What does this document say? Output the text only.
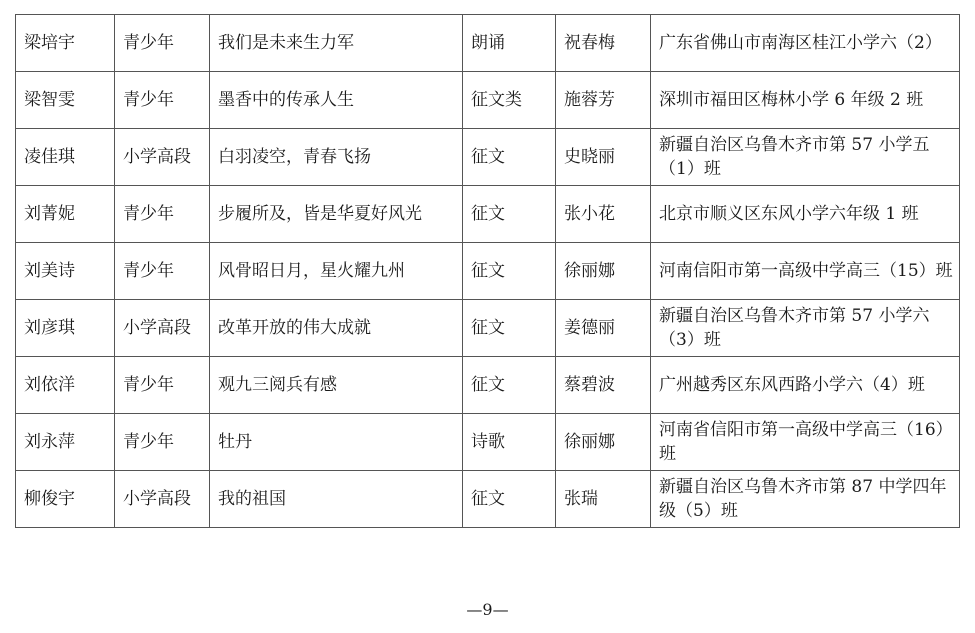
梁培宇	青少年	我们是未来生力军	朗诵	祝春梅	广东省佛山市南海区桂江小学六（2）
梁智雯	青少年	墨香中的传承人生	征文类	施蓉芳	深圳市福田区梅林小学 6 年级 2 班
凌佳琪	小学高段	白羽凌空，青春飞扬	征文	史晓丽	新疆自治区乌鲁木齐市第 57 小学五（1）班
刘菁妮	青少年	步履所及，皆是华夏好风光	征文	张小花	北京市顺义区东风小学六年级 1 班
刘美诗	青少年	风骨昭日月，星火耀九州	征文	徐丽娜	河南信阳市第一高级中学高三（15）班
刘彦琪	小学高段	改革开放的伟大成就	征文	姜德丽	新疆自治区乌鲁木齐市第 57 小学六（3）班
刘依洋	青少年	观九三阅兵有感	征文	蔡碧波	广州越秀区东风西路小学六（4）班
刘永萍	青少年	牡丹	诗歌	徐丽娜	河南省信阳市第一高级中学高三（16）班
柳俊宇	小学高段	我的祖国	征文	张瑞	新疆自治区乌鲁木齐市第 87 中学四年级（5）班
—9—
